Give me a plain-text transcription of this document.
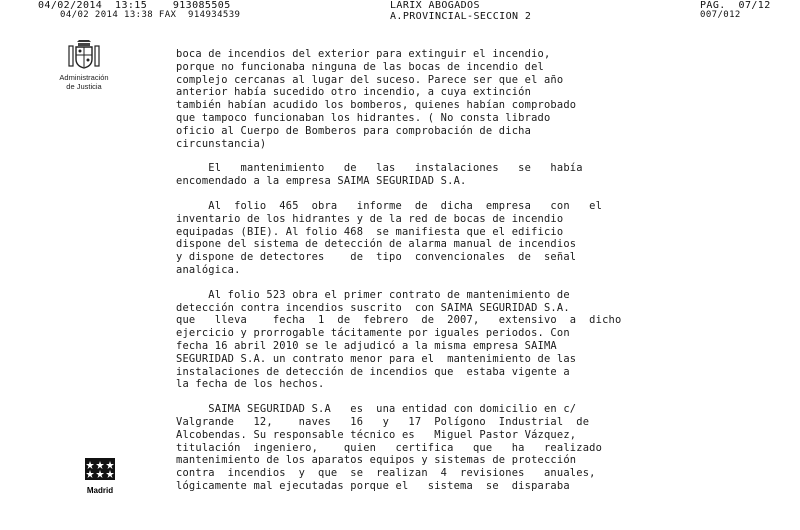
04/02/2014  13:15    913085505	PAG.  07/12
04/02 2014 13:38 FAX  914934539
LARIX ABOGADOS
A.PROVINCIAL-SECCION 2	007/012
Administración
de Justicia

boca de incendios del exterior para extinguir el incendio,
porque no funcionaba ninguna de las bocas de incendio del
complejo cercanas al lugar del suceso. Parece ser que el año
anterior había sucedido otro incendio, a cuya extinción
también habían acudido los bomberos, quienes habían comprobado
que tampoco funcionaban los hidrantes. ( No consta librado
oficio al Cuerpo de Bomberos para comprobación de dicha
circunstancia)

El   mantenimiento   de   las   instalaciones   se   había
encomendado a la empresa SAIMA SEGURIDAD S.A.

Al  folio  465  obra   informe  de  dicha  empresa   con   el
inventario de los hidrantes y de la red de bocas de incendio
equipadas (BIE). Al folio 468  se manifiesta que el edificio
dispone del sistema de detección de alarma manual de incendios
y dispone de detectores    de  tipo  convencionales  de  señal
analógica.

Al folio 523 obra el primer contrato de mantenimiento de
detección contra incendios suscrito  con SAIMA SEGURIDAD S.A.
que   lleva    fecha  1  de  febrero  de  2007,   extensivo  a  dicho
ejercicio y prorrogable tácitamente por iguales periodos. Con
fecha 16 abril 2010 se le adjudicó a la misma empresa SAIMA
SEGURIDAD S.A. un contrato menor para el  mantenimiento de las
instalaciones de detección de incendios que  estaba vigente a
la fecha de los hechos.

SAIMA SEGURIDAD S.A   es  una entidad con domicilio en c/
Valgrande   12,    naves   16   y   17  Polígono  Industrial  de
Alcobendas. Su responsable técnico es   Miguel Pastor Vázquez,
titulación  ingeniero,    quien   certifica   que   ha   realizado
mantenimiento de los aparatos equipos y sistemas de protección
contra  incendios  y  que  se  realizan  4  revisiones   anuales,
lógicamente mal ejecutadas porque el   sistema  se  disparaba

Madrid
